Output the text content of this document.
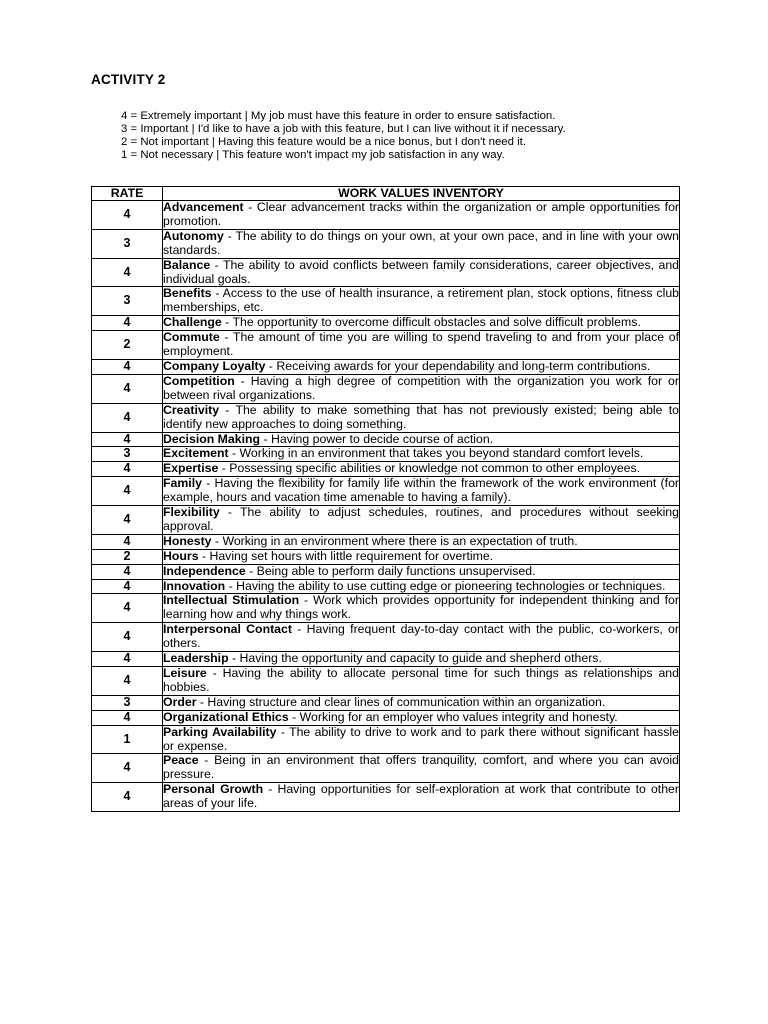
ACTIVITY 2
4 = Extremely important | My job must have this feature in order to ensure satisfaction.
3 = Important | I'd like to have a job with this feature, but I can live without it if necessary.
2 = Not important | Having this feature would be a nice bonus, but I don't need it.
1 = Not necessary | This feature won't impact my job satisfaction in any way.
RATE	WORK VALUES INVENTORY
4	Advancement - Clear advancement tracks within the organization or ample opportunities for promotion.
3	Autonomy - The ability to do things on your own, at your own pace, and in line with your own standards.
4	Balance - The ability to avoid conflicts between family considerations, career objectives, and individual goals.
3	Benefits - Access to the use of health insurance, a retirement plan, stock options, fitness club memberships, etc.
4	Challenge - The opportunity to overcome difficult obstacles and solve difficult problems.
2	Commute - The amount of time you are willing to spend traveling to and from your place of employment.
4	Company Loyalty - Receiving awards for your dependability and long-term contributions.
4	Competition - Having a high degree of competition with the organization you work for or between rival organizations.
4	Creativity - The ability to make something that has not previously existed; being able to identify new approaches to doing something.
4	Decision Making - Having power to decide course of action.
3	Excitement - Working in an environment that takes you beyond standard comfort levels.
4	Expertise - Possessing specific abilities or knowledge not common to other employees.
4	Family - Having the flexibility for family life within the framework of the work environment (for example, hours and vacation time amenable to having a family).
4	Flexibility - The ability to adjust schedules, routines, and procedures without seeking approval.
4	Honesty - Working in an environment where there is an expectation of truth.
2	Hours - Having set hours with little requirement for overtime.
4	Independence - Being able to perform daily functions unsupervised.
4	Innovation - Having the ability to use cutting edge or pioneering technologies or techniques.
4	Intellectual Stimulation - Work which provides opportunity for independent thinking and for learning how and why things work.
4	Interpersonal Contact - Having frequent day-to-day contact with the public, co-workers, or others.
4	Leadership - Having the opportunity and capacity to guide and shepherd others.
4	Leisure - Having the ability to allocate personal time for such things as relationships and hobbies.
3	Order - Having structure and clear lines of communication within an organization.
4	Organizational Ethics - Working for an employer who values integrity and honesty.
1	Parking Availability - The ability to drive to work and to park there without significant hassle or expense.
4	Peace - Being in an environment that offers tranquility, comfort, and where you can avoid pressure.
4	Personal Growth - Having opportunities for self-exploration at work that contribute to other areas of your life.
